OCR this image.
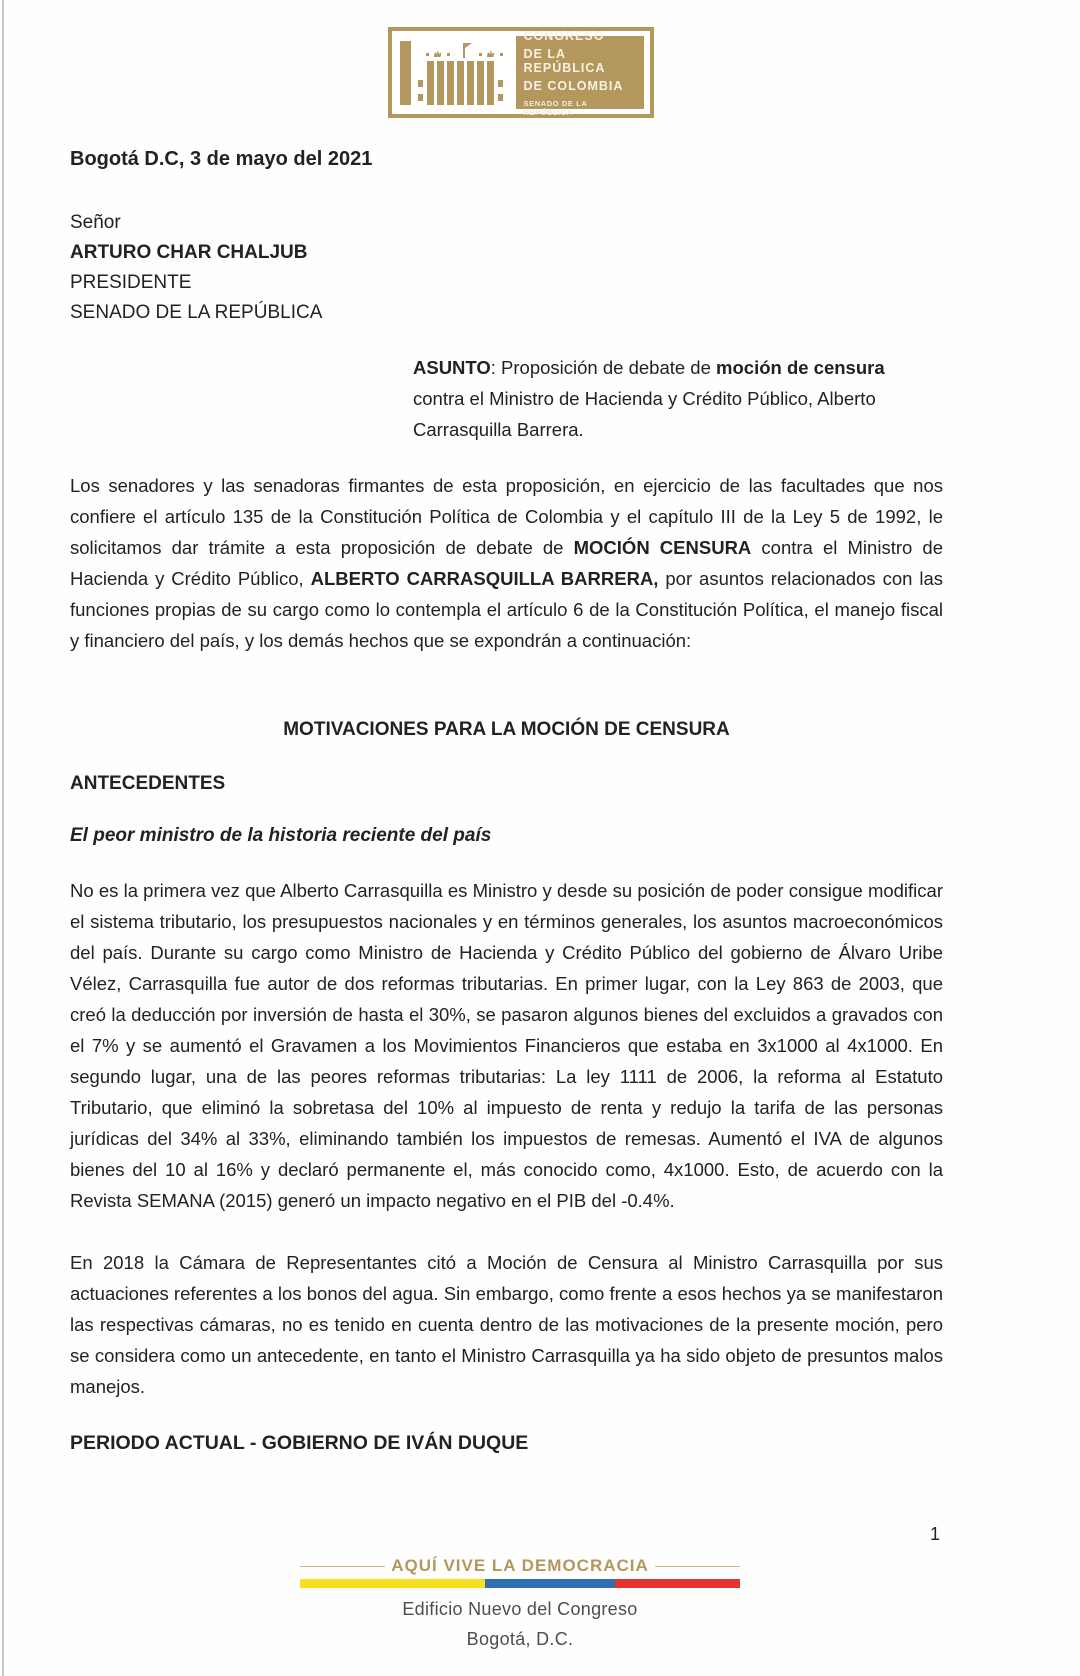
CONGRESO
DE LA REPÚBLICA
DE COLOMBIA
SENADO DE LA REPÚBLICA

Bogotá D.C, 3 de mayo del 2021

Señor

ARTURO CHAR CHALJUB

PRESIDENTE

SENADO DE LA REPÚBLICA

ASUNTO: Proposición de debate de moción de censura contra el Ministro de Hacienda y Crédito Público, Alberto Carrasquilla Barrera.

Los senadores y las senadoras firmantes de esta proposición, en ejercicio de las facultades que nos confiere el artículo 135 de la Constitución Política de Colombia y el capítulo III de la Ley 5 de 1992, le solicitamos dar trámite a esta proposición de debate de MOCIÓN CENSURA contra el Ministro de Hacienda y Crédito Público, ALBERTO CARRASQUILLA BARRERA, por asuntos relacionados con las funciones propias de su cargo como lo contempla el artículo 6 de la Constitución Política, el manejo fiscal y financiero del país, y los demás hechos que se expondrán a continuación:

MOTIVACIONES PARA LA MOCIÓN DE CENSURA
ANTECEDENTES
El peor ministro de la historia reciente del país

No es la primera vez que Alberto Carrasquilla es Ministro y desde su posición de poder consigue modificar el sistema tributario, los presupuestos nacionales y en términos generales, los asuntos macroeconómicos del país. Durante su cargo como Ministro de Hacienda y Crédito Público del gobierno de Álvaro Uribe Vélez, Carrasquilla fue autor de dos reformas tributarias. En primer lugar, con la Ley 863 de 2003, que creó la deducción por inversión de hasta el 30%, se pasaron algunos bienes del excluidos a gravados con el 7% y se aumentó el Gravamen a los Movimientos Financieros que estaba en 3x1000 al 4x1000. En segundo lugar, una de las peores reformas tributarias: La ley 1111 de 2006, la reforma al Estatuto Tributario, que eliminó la sobretasa del 10% al impuesto de renta y redujo la tarifa de las personas jurídicas del 34% al 33%, eliminando también los impuestos de remesas. Aumentó el IVA de algunos bienes del 10 al 16% y declaró permanente el, más conocido como, 4x1000. Esto, de acuerdo con la Revista SEMANA (2015) generó un impacto negativo en el PIB del -0.4%.

En 2018 la Cámara de Representantes citó a Moción de Censura al Ministro Carrasquilla por sus actuaciones referentes a los bonos del agua. Sin embargo, como frente a esos hechos ya se manifestaron las respectivas cámaras, no es tenido en cuenta dentro de las motivaciones de la presente moción, pero se considera como un antecedente, en tanto el Ministro Carrasquilla ya ha sido objeto de presuntos malos manejos.

PERIODO ACTUAL - GOBIERNO DE IVÁN DUQUE
1
AQUÍ VIVE LA DEMOCRACIA

Edificio Nuevo del Congreso

Bogotá, D.C.
